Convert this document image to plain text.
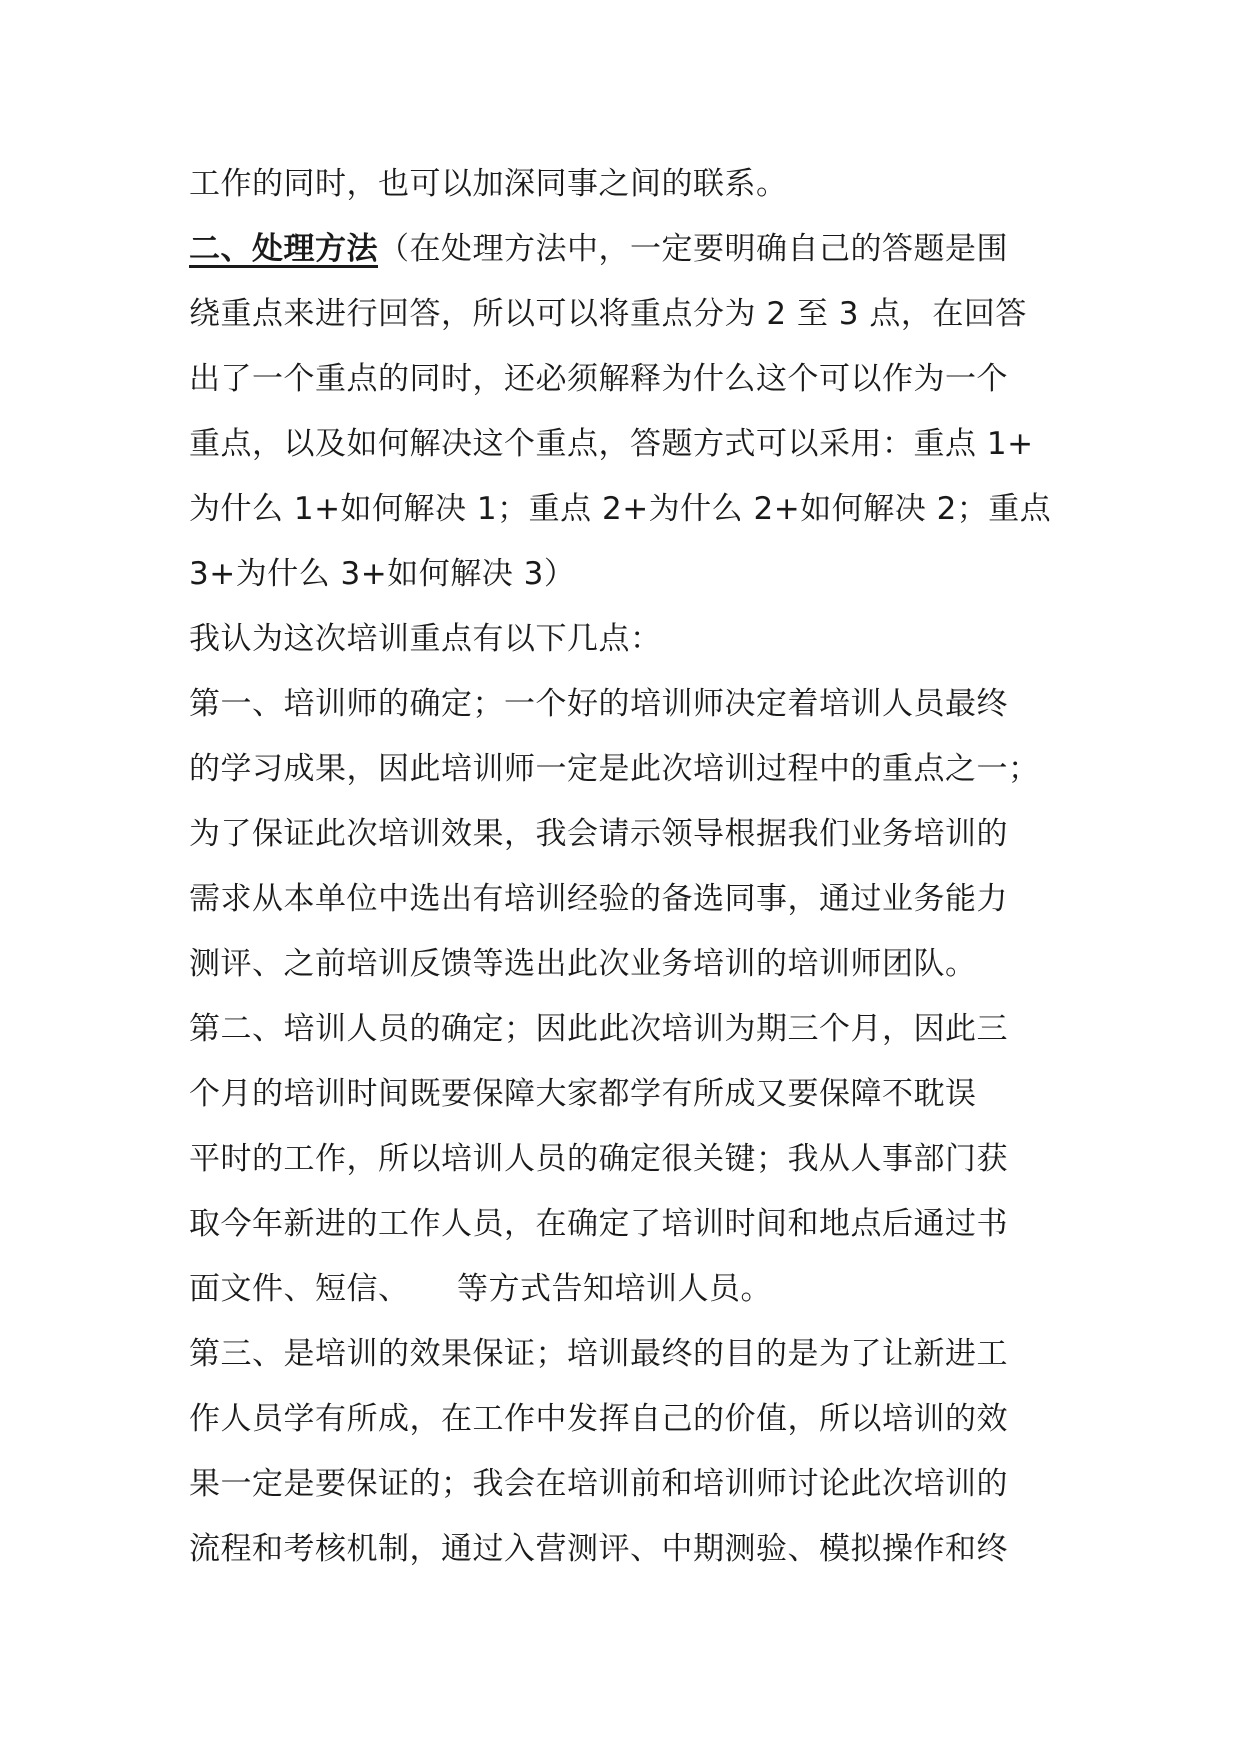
工作的同时，也可以加深同事之间的联系。
二、处理方法（在处理方法中，一定要明确自己的答题是围
绕重点来进行回答，所以可以将重点分为 2 至 3 点，在回答
出了一个重点的同时，还必须解释为什么这个可以作为一个
重点，以及如何解决这个重点，答题方式可以采用：重点 1+
为什么 1+如何解决 1；重点 2+为什么 2+如何解决 2；重点
3+为什么 3+如何解决 3）
我认为这次培训重点有以下几点：
第一、培训师的确定；一个好的培训师决定着培训人员最终
的学习成果，因此培训师一定是此次培训过程中的重点之一；
为了保证此次培训效果，我会请示领导根据我们业务培训的
需求从本单位中选出有培训经验的备选同事，通过业务能力
测评、之前培训反馈等选出此次业务培训的培训师团队。
第二、培训人员的确定；因此此次培训为期三个月，因此三
个月的培训时间既要保障大家都学有所成又要保障不耽误
平时的工作，所以培训人员的确定很关键；我从人事部门获
取今年新进的工作人员，在确定了培训时间和地点后通过书
面文件、短信、　　等方式告知培训人员。
第三、是培训的效果保证；培训最终的目的是为了让新进工
作人员学有所成，在工作中发挥自己的价值，所以培训的效
果一定是要保证的；我会在培训前和培训师讨论此次培训的
流程和考核机制，通过入营测评、中期测验、模拟操作和终
